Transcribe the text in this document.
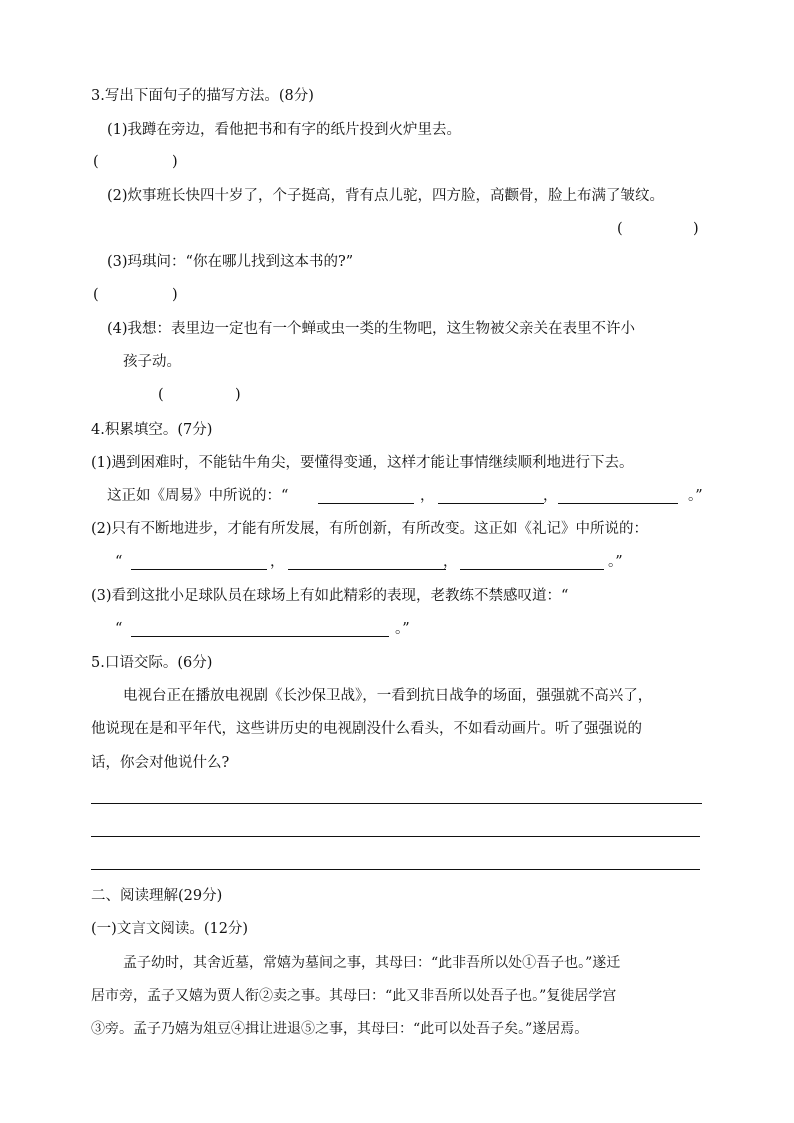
3.写出下面句子的描写方法。(8分)
(1)我蹲在旁边，看他把书和有字的纸片投到火炉里去。
(	)
(2)炊事班长快四十岁了，个子挺高，背有点儿驼，四方脸，高颧骨，脸上布满了皱纹。
(	)
(3)玛琪问：“你在哪儿找到这本书的?”
(	)
(4)我想：表里边一定也有一个蝉或虫一类的生物吧，这生物被父亲关在表里不许小
孩子动。
(	)
4.积累填空。(7分)
(1)遇到困难时，不能钻牛角尖，要懂得变通，这样才能让事情继续顺利地进行下去。
这正如《周易》中所说的：“	，	，	。”
(2)只有不断地进步，才能有所发展，有所创新，有所改变。这正如《礼记》中所说的：
“	，	，	。”
(3)看到这批小足球队员在球场上有如此精彩的表现，老教练不禁感叹道：“
“	。”
5.口语交际。(6分)
电视台正在播放电视剧《长沙保卫战》，一看到抗日战争的场面，强强就不高兴了，
他说现在是和平年代，这些讲历史的电视剧没什么看头，不如看动画片。听了强强说的
话，你会对他说什么?
二、阅读理解(29分)
(一)文言文阅读。(12分)
孟子幼时，其舍近墓，常嬉为墓间之事，其母曰：“此非吾所以处①吾子也。”遂迁
居市旁，孟子又嬉为贾人衔②卖之事。其母曰：“此又非吾所以处吾子也。”复徙居学宫
③旁。孟子乃嬉为俎豆④揖让进退⑤之事，其母曰：“此可以处吾子矣。”遂居焉。
